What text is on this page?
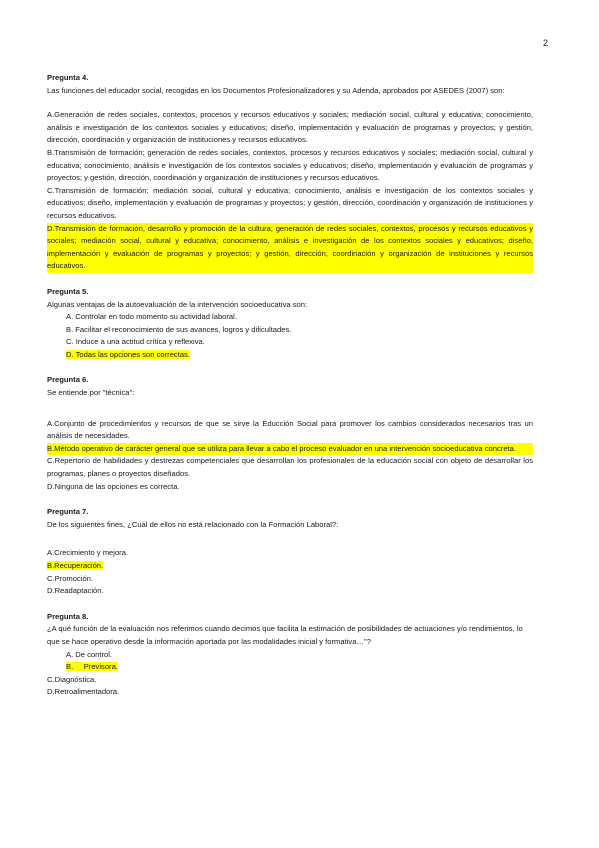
2
Pregunta 4.
Las funciones del educador social, recogidas en los Documentos Profesionalizadores y su Adenda, aprobados por ASEDES (2007) son:
A.Generación de redes sociales, contextos, procesos y recursos educativos y sociales; mediación social, cultural y educativa; conocimiento, análisis e investigación de los contextos sociales y educativos; diseño, implementación y evaluación de programas y proyectos; y gestión, dirección, coordinación y organización de instituciones y recursos educativos.
B.Transmisión de formación; generación de redes sociales, contextos, procesos y recursos educativos y sociales; mediación social, cultural y educativa; conocimiento, análisis e investigación de los contextos sociales y educativos; diseño, implementación y evaluación de programas y proyectos; y gestión, dirección, coordinación y organización de instituciones y recursos educativos.
C.Transmisión de formación; mediación social, cultural y educativa; conocimiento, análisis e investigación de los contextos sociales y educativos; diseño, implementación y evaluación de programas y proyectos; y gestión, dirección, coordinación y organización de instituciones y recursos educativos.
D.Transmisión de formación, desarrollo y promoción de la cultura; generación de redes sociales, contextos, procesos y recursos educativos y sociales; mediación social, cultural y educativa; conocimiento, análisis e investigación de los contextos sociales y educativos; diseño, implementación y evaluación de programas y proyectos; y gestión, dirección, coordinación y organización de instituciones y recursos educativos.
Pregunta 5.
Algunas ventajas de la autoevaluación de la intervención socioeducativa son:
A. Controlar en todo momento su actividad laboral.
B. Facilitar el reconocimiento de sus avances, logros y dificultades.
C. Induce a una actitud crítica y reflexiva.
D. Todas las opciones son correctas.
Pregunta 6.
Se entiende por "técnica":
A.Conjunto de procedimientos y recursos de que se sirve la Educción Social para promover los cambios considerados necesarios tras un análisis de necesidades.
B.Método operativo de carácter general que se utiliza para llevar a cabo el proceso evaluador en una intervención socioeducativa concreta.
C.Repertorio de habilidades y destrezas competenciales que desarrollan los profesionales de la educación social con objeto de desarrollar los programas, planes o proyectos diseñados.
D.Ninguna de las opciones es correcta.
Pregunta 7.
De los siguientes fines, ¿Cuál de ellos no está relacionado con la Formación Laboral?:
A.Crecimiento y mejora.
B.Recuperación.
C.Promoción.
D.Readaptación.
Pregunta 8.
¿A qué función de la evaluación nos referimos cuando decimos que facilita la estimación de posibilidades de actuaciones y/o rendimientos, lo que se hace operativo desde la información aportada por las modalidades inicial y formativa…"?
A. De control.
B.     Previsora.
C.Diagnóstica.
D.Retroalimentadora.
